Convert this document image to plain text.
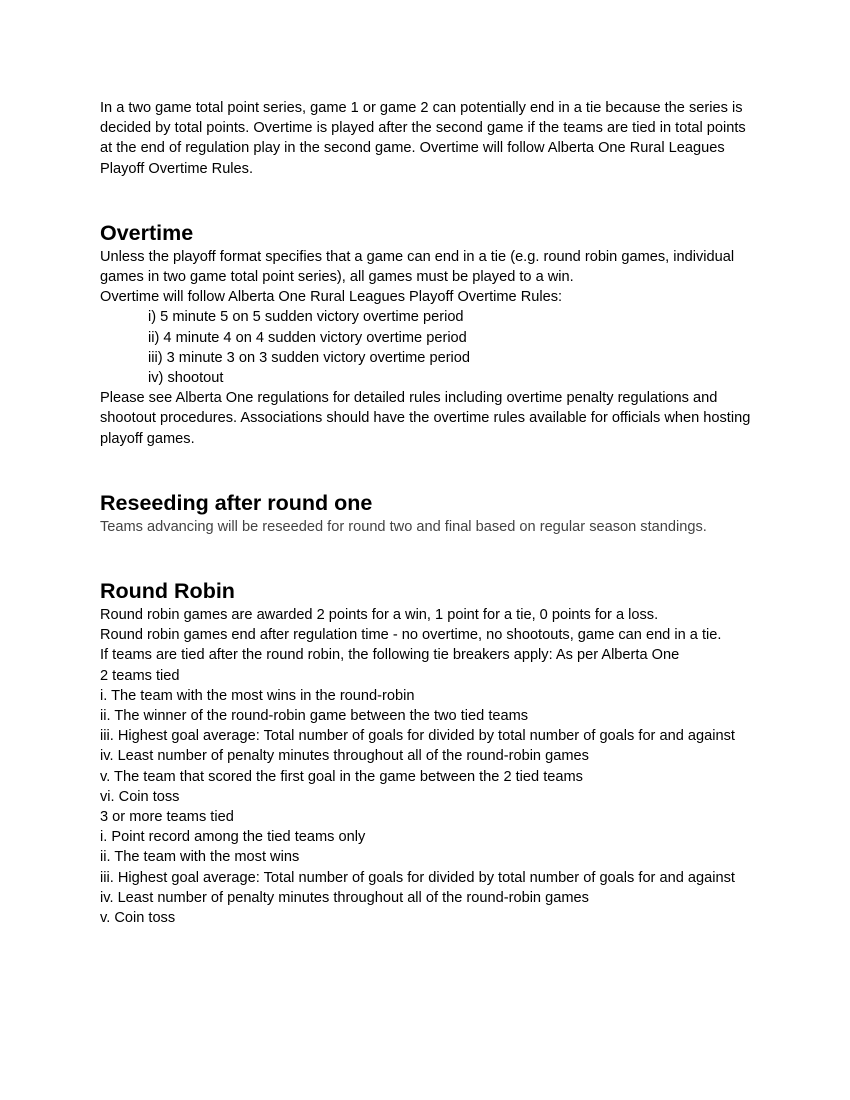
In a two game total point series, game 1 or game 2 can potentially end in a tie because the series is decided by total points. Overtime is played after the second game if the teams are tied in total points at the end of regulation play in the second game. Overtime will follow Alberta One Rural Leagues Playoff Overtime Rules.

Overtime

Unless the playoff format specifies that a game can end in a tie (e.g. round robin games, individual games in two game total point series), all games must be played to a win.

Overtime will follow Alberta One Rural Leagues Playoff Overtime Rules:

i) 5 minute 5 on 5 sudden victory overtime period
ii) 4 minute 4 on 4 sudden victory overtime period
iii) 3 minute 3 on 3 sudden victory overtime period
iv) shootout

Please see Alberta One regulations for detailed rules including overtime penalty regulations and shootout procedures. Associations should have the overtime rules available for officials when hosting playoff games.

Reseeding after round one

Teams advancing will be reseeded for round two and final based on regular season standings.

Round Robin

Round robin games are awarded 2 points for a win, 1 point for a tie, 0 points for a loss.

Round robin games end after regulation time - no overtime, no shootouts, game can end in a tie.

If teams are tied after the round robin, the following tie breakers apply: As per Alberta One

2 teams tied
i. The team with the most wins in the round-robin
ii. The winner of the round-robin game between the two tied teams
iii. Highest goal average: Total number of goals for divided by total number of goals for and against
iv. Least number of penalty minutes throughout all of the round-robin games
v. The team that scored the first goal in the game between the 2 tied teams
vi. Coin toss
3 or more teams tied
i. Point record among the tied teams only
ii. The team with the most wins
iii. Highest goal average: Total number of goals for divided by total number of goals for and against
iv. Least number of penalty minutes throughout all of the round-robin games
v. Coin toss
